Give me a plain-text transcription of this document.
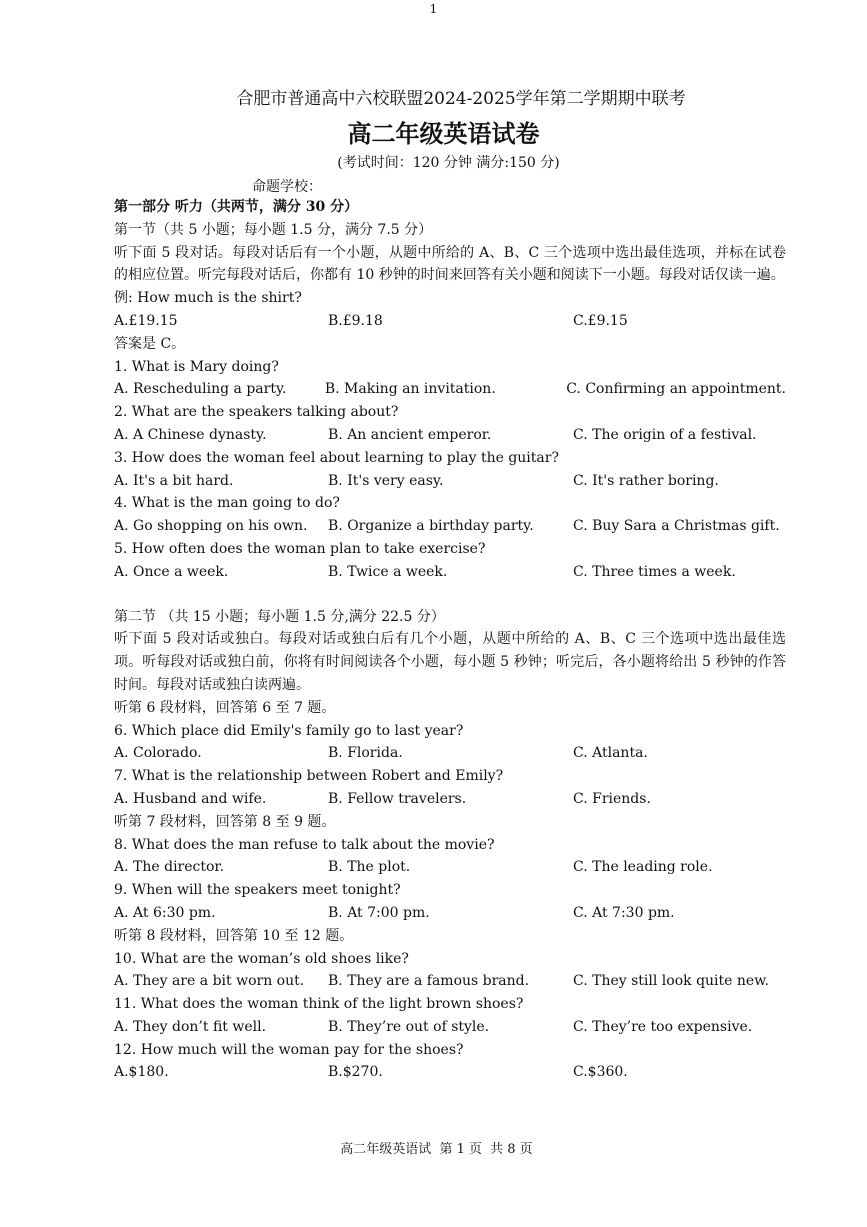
1
合肥市普通高中六校联盟2024-2025学年第二学期期中联考
高二年级英语试卷
(考试时间：120 分钟 满分:150 分)
命题学校：
第一部分 听力（共两节，满分 30 分）
第一节（共 5 小题；每小题 1.5 分，满分 7.5 分）
听下面 5 段对话。每段对话后有一个小题，从题中所给的 A、B、C 三个选项中选出最佳选项，并标在试卷的相应位置。听完每段对话后，你都有 10 秒钟的时间来回答有关小题和阅读下一小题。每段对话仅读一遍。
例: How much is the shirt?
A.£19.15	B.£9.18	C.£9.15
答案是 C。
1. What is Mary doing?
A. Rescheduling a party.	B. Making an invitation.	C. Confirming an appointment.
2. What are the speakers talking about?
A. A Chinese dynasty.	B. An ancient emperor.	C. The origin of a festival.
3. How does the woman feel about learning to play the guitar?
A. It's a bit hard.	B. It's very easy.	C. It's rather boring.
4. What is the man going to do?
A. Go shopping on his own.	B. Organize a birthday party.	C. Buy Sara a Christmas gift.
5. How often does the woman plan to take exercise?
A. Once a week.	B. Twice a week.	C. Three times a week.
第二节 （共 15 小题；每小题 1.5 分,满分 22.5 分）
听下面 5 段对话或独白。每段对话或独白后有几个小题，从题中所给的 A、B、C 三个选项中选出最佳选项。听每段对话或独白前，你将有时间阅读各个小题，每小题 5 秒钟；听完后，各小题将给出 5 秒钟的作答时间。每段对话或独白读两遍。
听第 6 段材料，回答第 6 至 7 题。
6. Which place did Emily's family go to last year?
A. Colorado.	B. Florida.	C. Atlanta.
7. What is the relationship between Robert and Emily?
A. Husband and wife.	B. Fellow travelers.	C. Friends.
听第 7 段材料，回答第 8 至 9 题。
8. What does the man refuse to talk about the movie?
A. The director.	B. The plot.	C. The leading role.
9. When will the speakers meet tonight?
A. At 6:30 pm.	B. At 7:00 pm.	C. At 7:30 pm.
听第 8 段材料，回答第 10 至 12 题。
10. What are the woman’s old shoes like?
A. They are a bit worn out.	B. They are a famous brand.	C. They still look quite new.
11. What does the woman think of the light brown shoes?
A. They don’t fit well.	B. They’re out of style.	C. They’re too expensive.
12. How much will the woman pay for the shoes?
A.$180.	B.$270.	C.$360.
高二年级英语试 第 1 页 共 8 页
